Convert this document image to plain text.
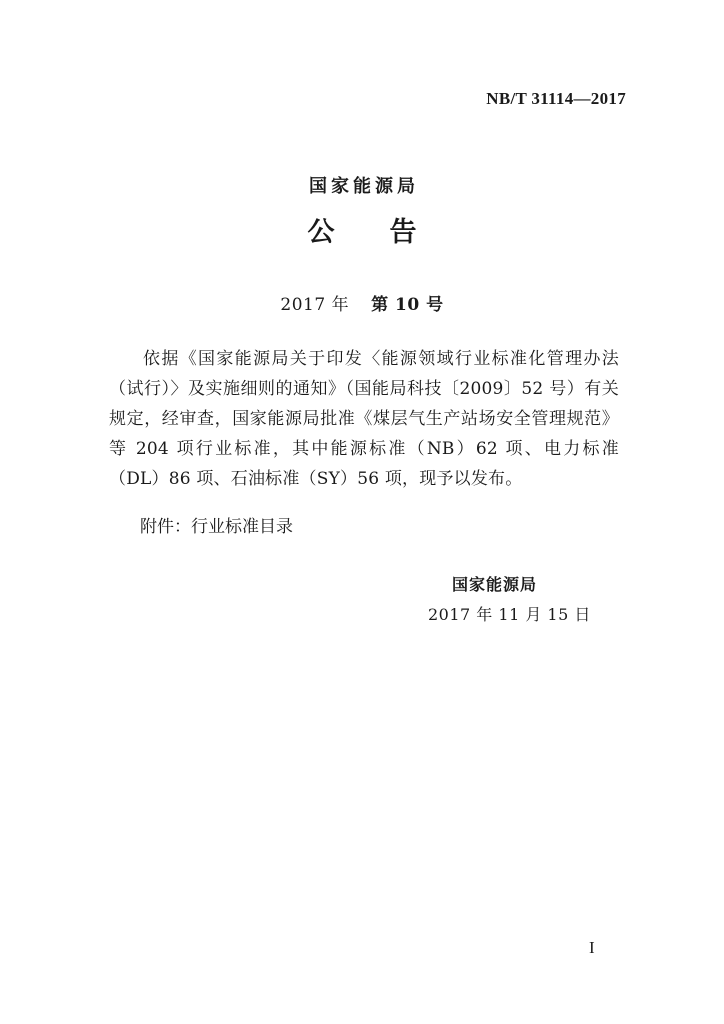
NB/T 31114—2017
国家能源局
公告
2017 年 第 10 号
依据《国家能源局关于印发〈能源领域行业标准化管理办法（试行）〉及实施细则的通知》（国能局科技〔2009〕52 号）有关规定，经审查，国家能源局批准《煤层气生产站场安全管理规范》等 204 项行业标准，其中能源标准（NB）62 项、电力标准（DL）86 项、石油标准（SY）56 项，现予以发布。
附件：行业标准目录
国家能源局
2017 年 11 月 15 日
I
